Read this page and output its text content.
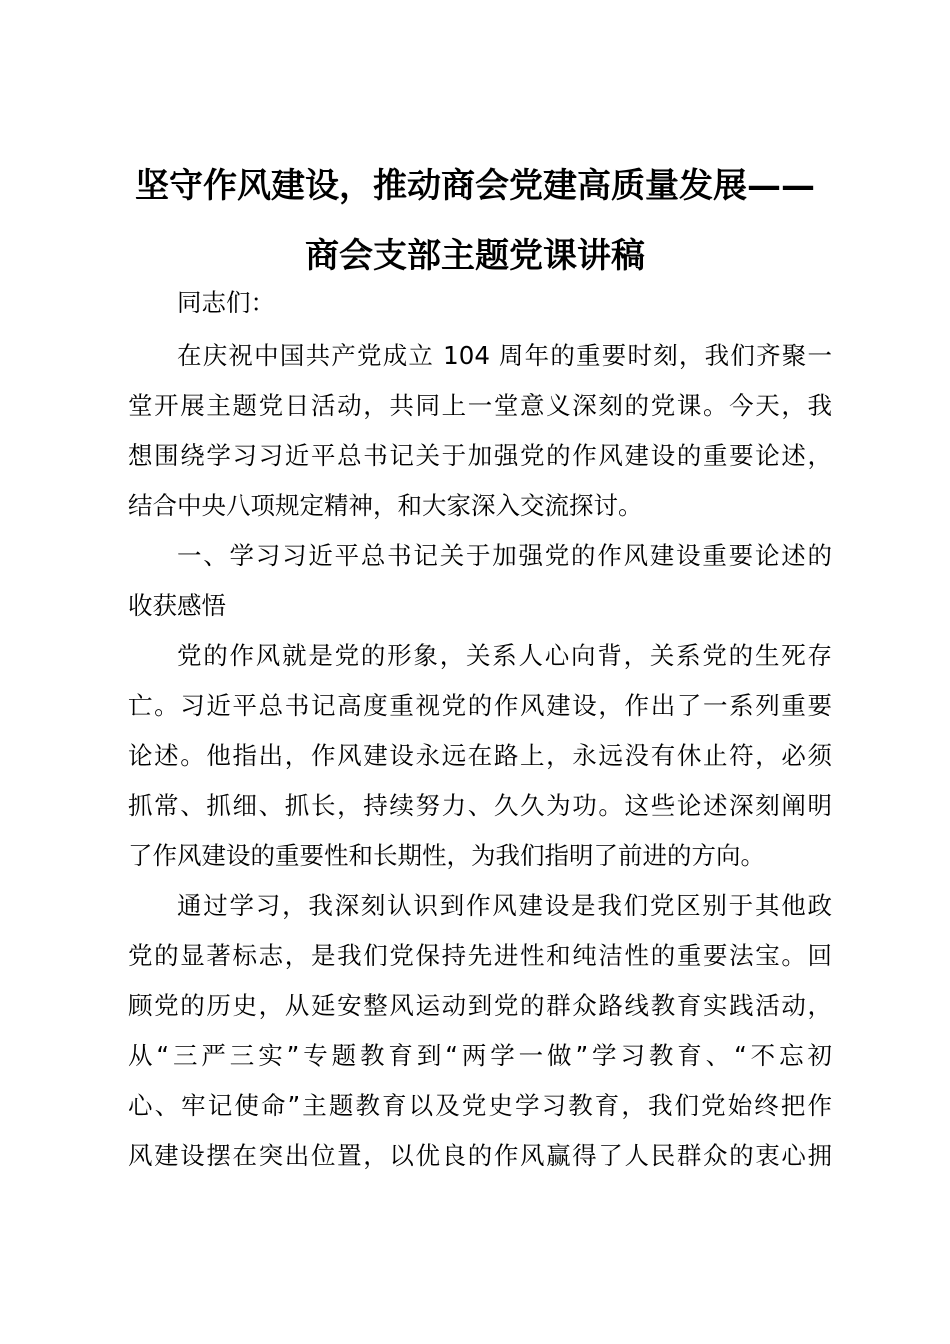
坚守作风建设，推动商会党建高质量发展——
商会支部主题党课讲稿
同志们：
在庆祝中国共产党成立 104 周年的重要时刻，我们齐聚一
堂开展主题党日活动，共同上一堂意义深刻的党课。今天，我
想围绕学习习近平总书记关于加强党的作风建设的重要论述，
结合中央八项规定精神，和大家深入交流探讨。
一、学习习近平总书记关于加强党的作风建设重要论述的
收获感悟
党的作风就是党的形象，关系人心向背，关系党的生死存
亡。习近平总书记高度重视党的作风建设，作出了一系列重要
论述。他指出，作风建设永远在路上，永远没有休止符，必须
抓常、抓细、抓长，持续努力、久久为功。这些论述深刻阐明
了作风建设的重要性和长期性，为我们指明了前进的方向。
通过学习，我深刻认识到作风建设是我们党区别于其他政
党的显著标志，是我们党保持先进性和纯洁性的重要法宝。回
顾党的历史，从延安整风运动到党的群众路线教育实践活动，
从“三严三实”专题教育到“两学一做”学习教育、“不忘初
心、牢记使命”主题教育以及党史学习教育，我们党始终把作
风建设摆在突出位置，以优良的作风赢得了人民群众的衷心拥
